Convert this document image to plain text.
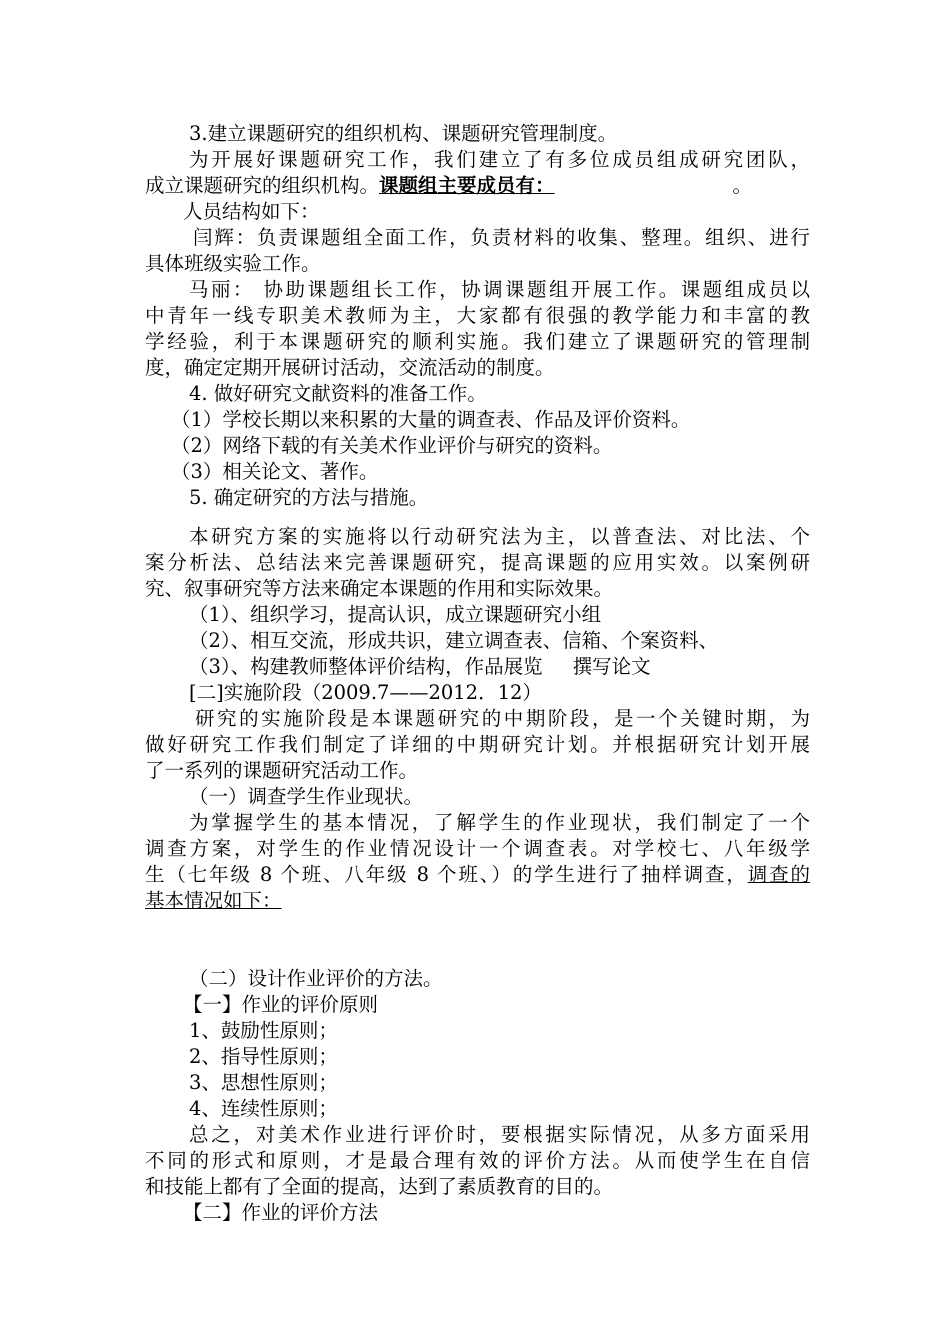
3.建立课题研究的组织机构、课题研究管理制度。
为开展好课题研究工作，我们建立了有多位成员组成研究团队，
成立课题研究的组织机构。课题组主要成员有：	。
人员结构如下：
闫辉：负责课题组全面工作，负责材料的收集、整理。组织、进行
具体班级实验工作。
马丽： 协助课题组长工作，协调课题组开展工作。课题组成员以
中青年一线专职美术教师为主，大家都有很强的教学能力和丰富的教
学经验，利于本课题研究的顺利实施。我们建立了课题研究的管理制
度，确定定期开展研讨活动，交流活动的制度。
4. 做好研究文献资料的准备工作。
（1）学校长期以来积累的大量的调查表、作品及评价资料。
（2）网络下载的有关美术作业评价与研究的资料。
（3）相关论文、著作。
5. 确定研究的方法与措施。
本研究方案的实施将以行动研究法为主，以普查法、对比法、个
案分析法、总结法来完善课题研究，提高课题的应用实效。以案例研
究、叙事研究等方法来确定本课题的作用和实际效果。
（1）、组织学习，提高认识，成立课题研究小组
（2）、相互交流，形成共识，建立调查表、信箱、个案资料、
（3）、构建教师整体评价结构，作品展览 撰写论文
[二]实施阶段（2009.7——2012．12）
研究的实施阶段是本课题研究的中期阶段，是一个关键时期，为
做好研究工作我们制定了详细的中期研究计划。并根据研究计划开展
了一系列的课题研究活动工作。
（一）调查学生作业现状。
为掌握学生的基本情况，了解学生的作业现状，我们制定了一个
调查方案，对学生的作业情况设计一个调查表。对学校七、八年级学
生（七年级 8 个班、八年级 8 个班、）的学生进行了抽样调查，调查的
基本情况如下：
（二）设计作业评价的方法。
【一】作业的评价原则
1、鼓励性原则；
2、指导性原则；
3、思想性原则；
4、连续性原则；
总之，对美术作业进行评价时，要根据实际情况，从多方面采用
不同的形式和原则，才是最合理有效的评价方法。从而使学生在自信
和技能上都有了全面的提高，达到了素质教育的目的。
【二】作业的评价方法
